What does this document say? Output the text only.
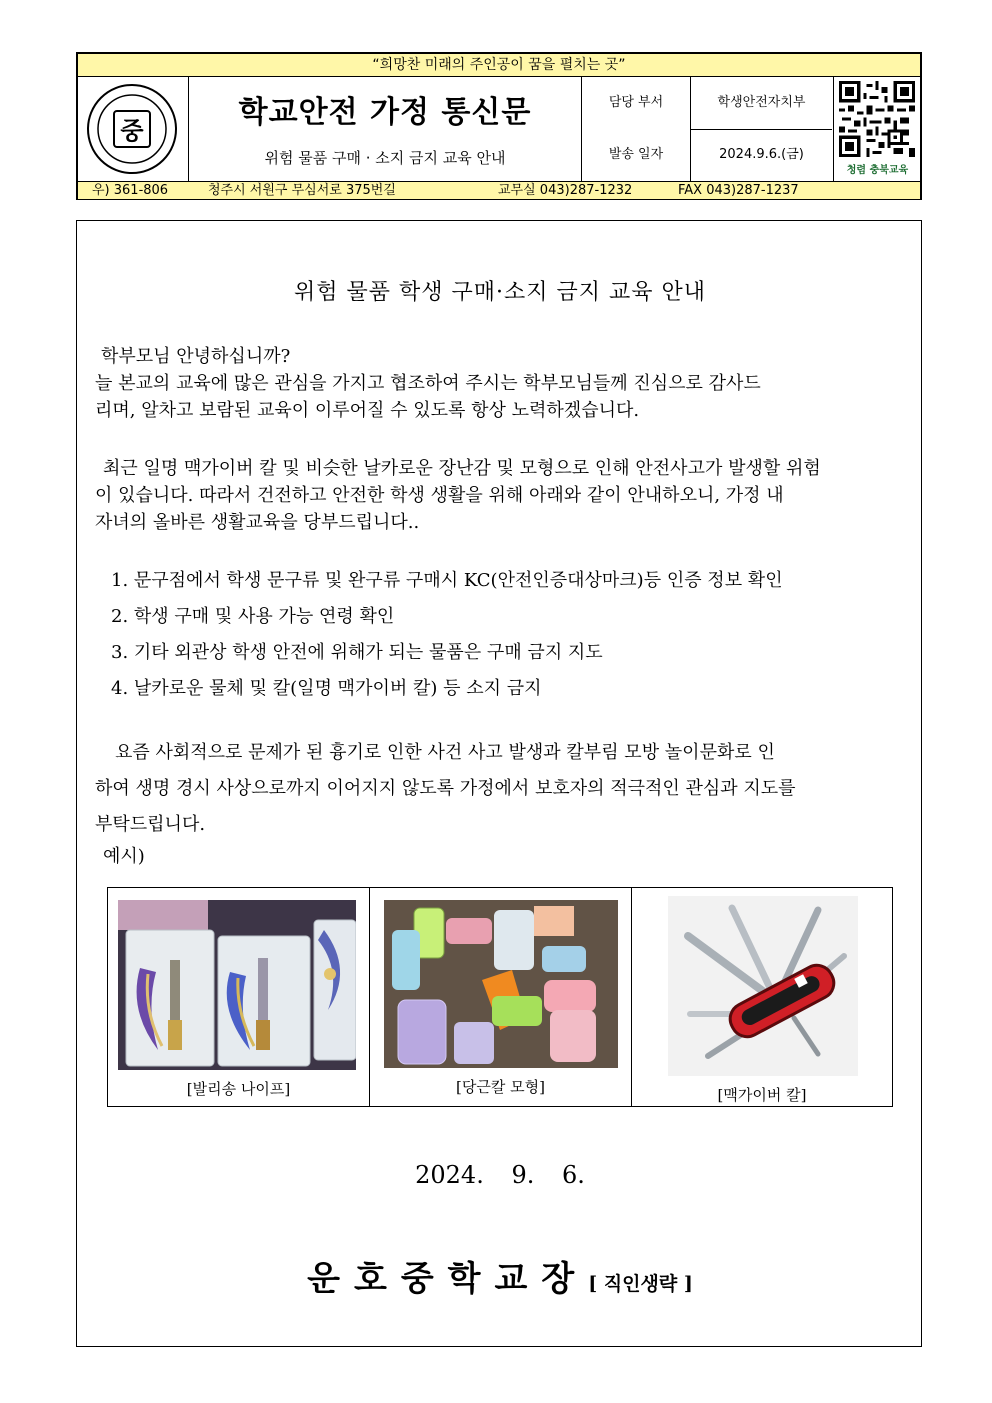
“희망찬 미래의 주인공이 꿈을 펼치는 곳”
중
학교안전 가정 통신문
위험 물품 구매 · 소지 금지 교육 안내
담당 부서	학생안전자치부
발송 일자	2024.9.6.(금)
청렴 충북교육
우) 361-806	청주시 서원구 무심서로 375번길	교무실 043)287-1232	FAX 043)287-1237
위험 물품 학생 구매·소지 금지 교육 안내
학부모님 안녕하십니까?
늘 본교의 교육에 많은 관심을 가지고 협조하여 주시는 학부모님들께 진심으로 감사드
리며, 알차고 보람된 교육이 이루어질 수 있도록 항상 노력하겠습니다.
최근 일명 맥가이버 칼 및 비슷한 날카로운 장난감 및 모형으로 인해 안전사고가 발생할 위험
이 있습니다. 따라서 건전하고 안전한 학생 생활을 위해 아래와 같이 안내하오니, 가정 내
자녀의 올바른 생활교육을 당부드립니다..
1. 문구점에서 학생 문구류 및 완구류 구매시 KC(안전인증대상마크)등 인증 정보 확인
2. 학생 구매 및 사용 가능 연령 확인
3. 기타 외관상 학생 안전에 위해가 되는 물품은 구매 금지 지도
4. 날카로운 물체 및 칼(일명 맥가이버 칼) 등 소지 금지
요즘 사회적으로 문제가 된 흉기로 인한 사건 사고 발생과 칼부림 모방 놀이문화로 인
하여 생명 경시 사상으로까지 이어지지 않도록 가정에서 보호자의 적극적인 관심과 지도를
부탁드립니다.
예시)
[발리송 나이프]	[당근칼 모형]	[맥가이버 칼]
2024. 9. 6.
운호중학교장[ 직인생략 ]
